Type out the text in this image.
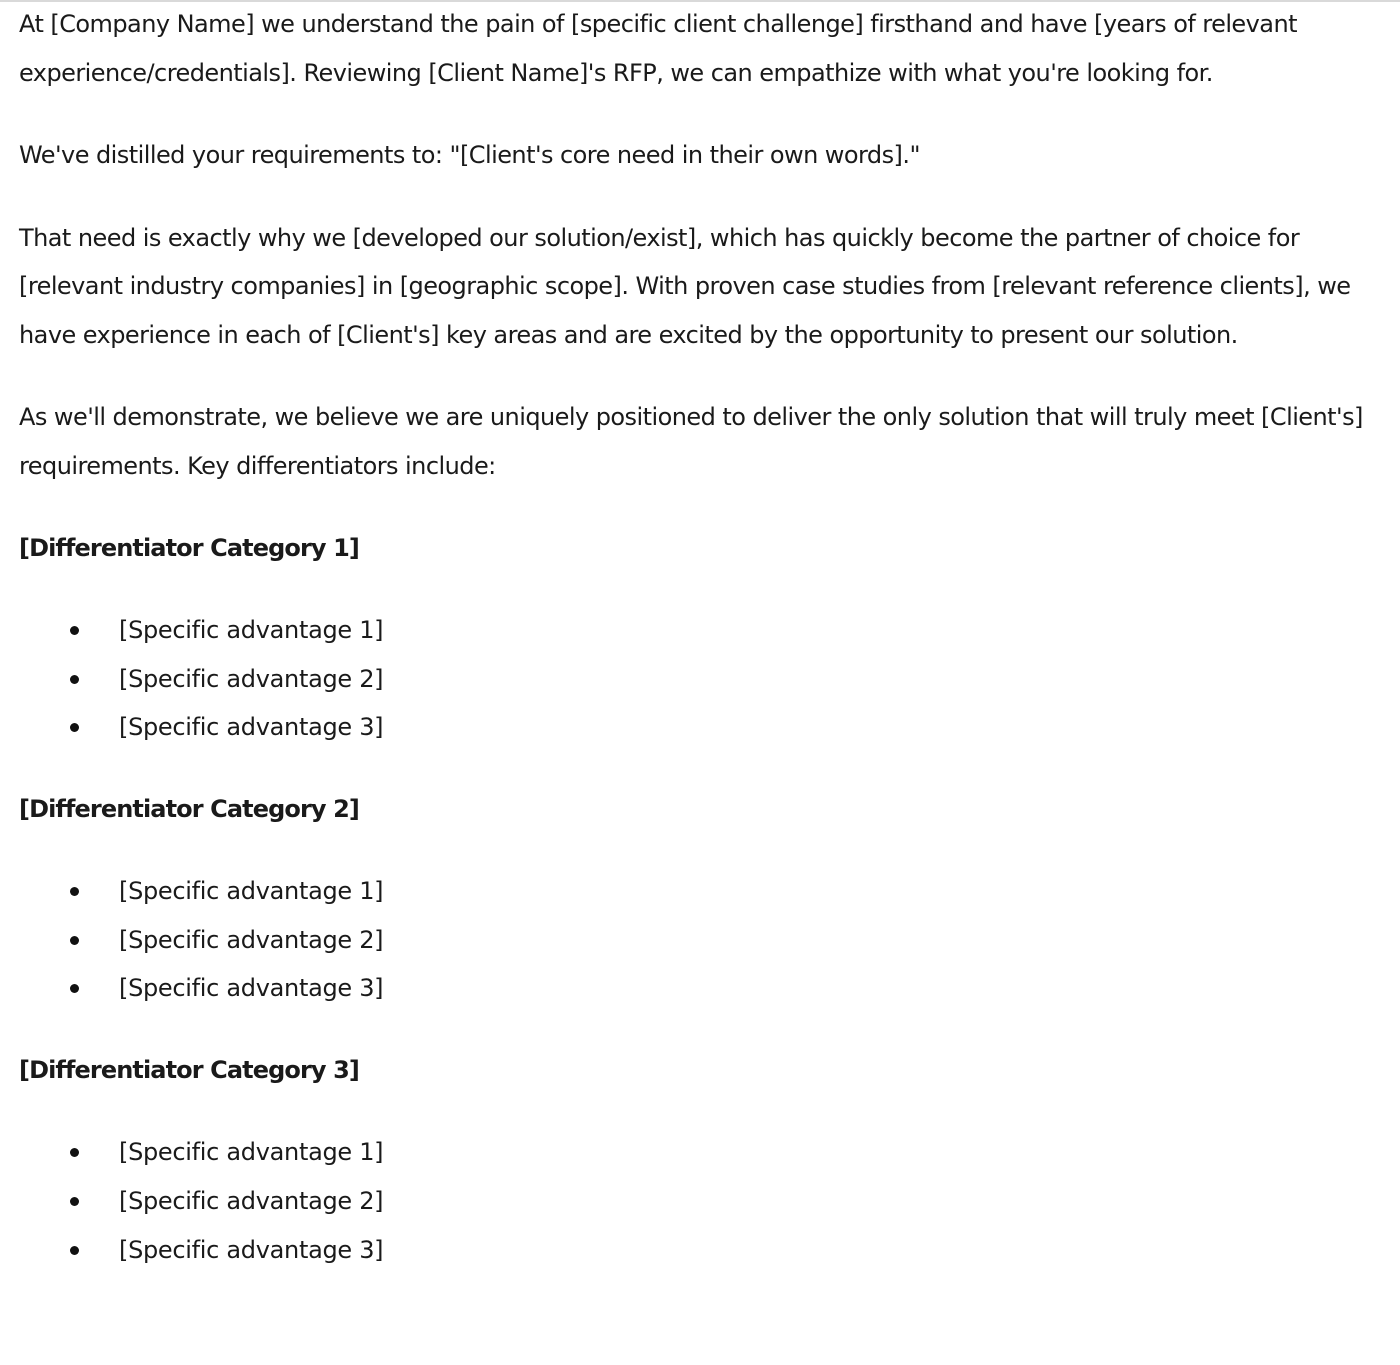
At [Company Name] we understand the pain of [specific client challenge] firsthand and have [years of relevant experience/credentials]. Reviewing [Client Name]'s RFP, we can empathize with what you're looking for.

We've distilled your requirements to: "[Client's core need in their own words]."

That need is exactly why we [developed our solution/exist], which has quickly become the partner of choice for [relevant industry companies] in [geographic scope]. With proven case studies from [relevant reference clients], we have experience in each of [Client's] key areas and are excited by the opportunity to present our solution.

As we'll demonstrate, we believe we are uniquely positioned to deliver the only solution that will truly meet [Client's] requirements. Key differentiators include:

[Differentiator Category 1]
[Specific advantage 1]
[Specific advantage 2]
[Specific advantage 3]
[Differentiator Category 2]
[Specific advantage 1]
[Specific advantage 2]
[Specific advantage 3]
[Differentiator Category 3]
[Specific advantage 1]
[Specific advantage 2]
[Specific advantage 3]
